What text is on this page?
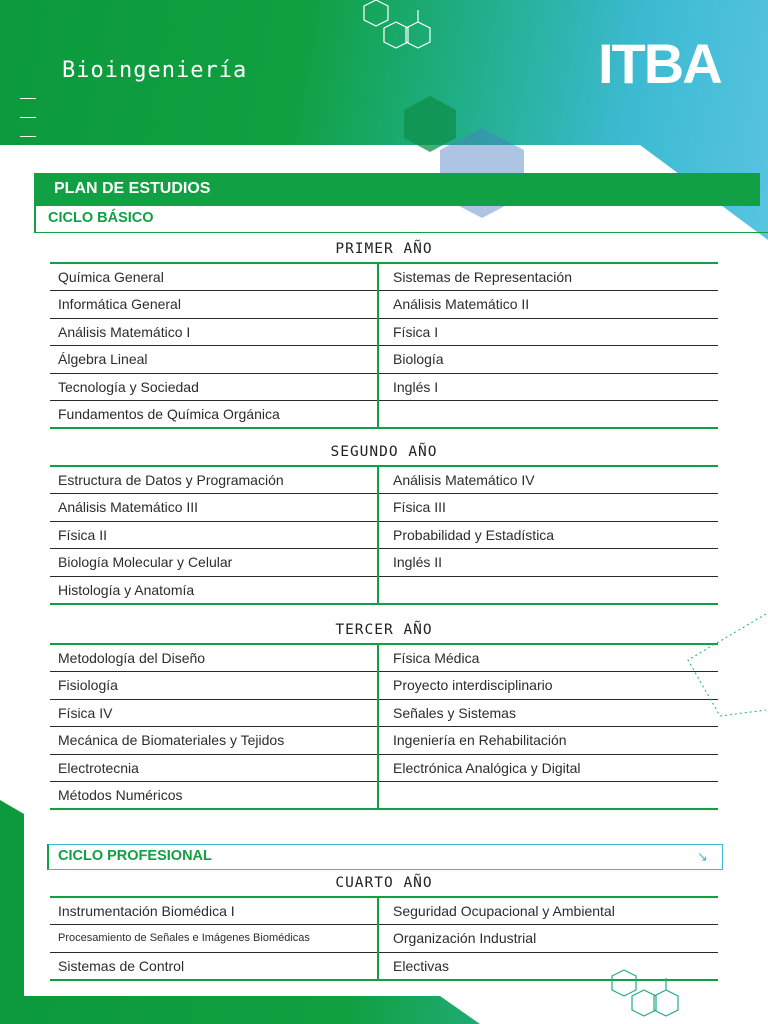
Bioingeniería	ITBA
PLAN DE ESTUDIOS
CICLO BÁSICO
PRIMER AÑO
Química General	Sistemas de Representación
Informática General	Análisis Matemático II
Análisis Matemático I	Física I
Álgebra Lineal	Biología
Tecnología y Sociedad	Inglés I
Fundamentos de Química Orgánica	
SEGUNDO AÑO
Estructura de Datos y Programación	Análisis Matemático IV
Análisis Matemático III	Física III
Física II	Probabilidad y Estadística
Biología Molecular y Celular	Inglés II
Histología y Anatomía	
TERCER AÑO
Metodología del Diseño	Física Médica
Fisiología	Proyecto interdisciplinario
Física IV	Señales y Sistemas
Mecánica de Biomateriales y Tejidos	Ingeniería en Rehabilitación
Electrotecnia	Electrónica Analógica y Digital
Métodos Numéricos	
CICLO PROFESIONAL	↘
CUARTO AÑO
Instrumentación Biomédica I	Seguridad Ocupacional y Ambiental
Procesamiento de Señales e Imágenes Biomédicas	Organización Industrial
Sistemas de Control	Electivas
